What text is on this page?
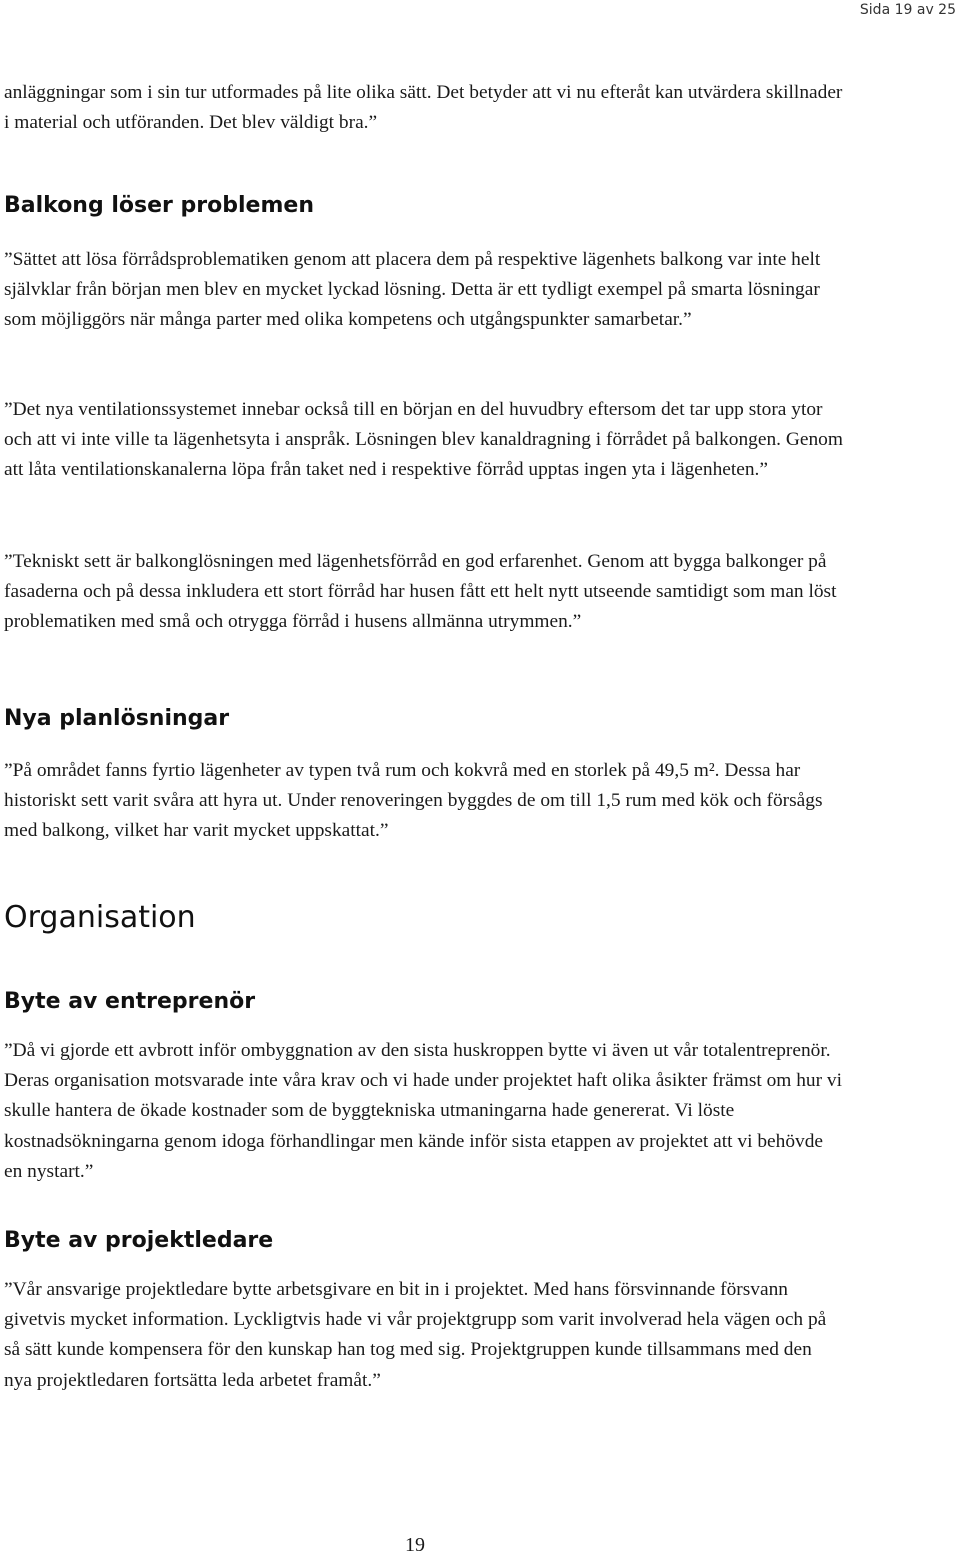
Sida 19 av 25

anläggningar som i sin tur utformades på lite olika sätt. Det betyder att vi nu efteråt kan utvärdera skillnader i material och utföranden. Det blev väldigt bra.”

Balkong löser problemen

”Sättet att lösa förrådsproblematiken genom att placera dem på respektive lägenhets balkong var inte helt självklar från början men blev en mycket lyckad lösning. Detta är ett tydligt exempel på smarta lösningar som möjliggörs när många parter med olika kompetens och utgångspunkter samarbetar.”

”Det nya ventilationssystemet innebar också till en början en del huvudbry eftersom det tar upp stora ytor och att vi inte ville ta lägenhetsyta i anspråk. Lösningen blev kanaldragning i förrådet på balkongen. Genom att låta ventilationskanalerna löpa från taket ned i respektive förråd upptas ingen yta i lägenheten.”

”Tekniskt sett är balkonglösningen med lägenhetsförråd en god erfarenhet. Genom att bygga balkonger på fasaderna och på dessa inkludera ett stort förråd har husen fått ett helt nytt utseende samtidigt som man löst problematiken med små och otrygga förråd i husens allmänna utrymmen.”

Nya planlösningar

”På området fanns fyrtio lägenheter av typen två rum och kokvrå med en storlek på 49,5 m². Dessa har historiskt sett varit svåra att hyra ut. Under renoveringen byggdes de om till 1,5 rum med kök och försågs med balkong, vilket har varit mycket uppskattat.”

Organisation
Byte av entreprenör

”Då vi gjorde ett avbrott inför ombyggnation av den sista huskroppen bytte vi även ut vår totalentreprenör. Deras organisation motsvarade inte våra krav och vi hade under projektet haft olika åsikter främst om hur vi skulle hantera de ökade kostnader som de byggtekniska utmaningarna hade genererat. Vi löste kostnadsökningarna genom idoga förhandlingar men kände inför sista etappen av projektet att vi behövde en nystart.”

Byte av projektledare

”Vår ansvarige projektledare bytte arbetsgivare en bit in i projektet. Med hans försvinnande försvann givetvis mycket information. Lyckligtvis hade vi vår projektgrupp som varit involverad hela vägen och på så sätt kunde kompensera för den kunskap han tog med sig. Projektgruppen kunde tillsammans med den nya projektledaren fortsätta leda arbetet framåt.”

19
